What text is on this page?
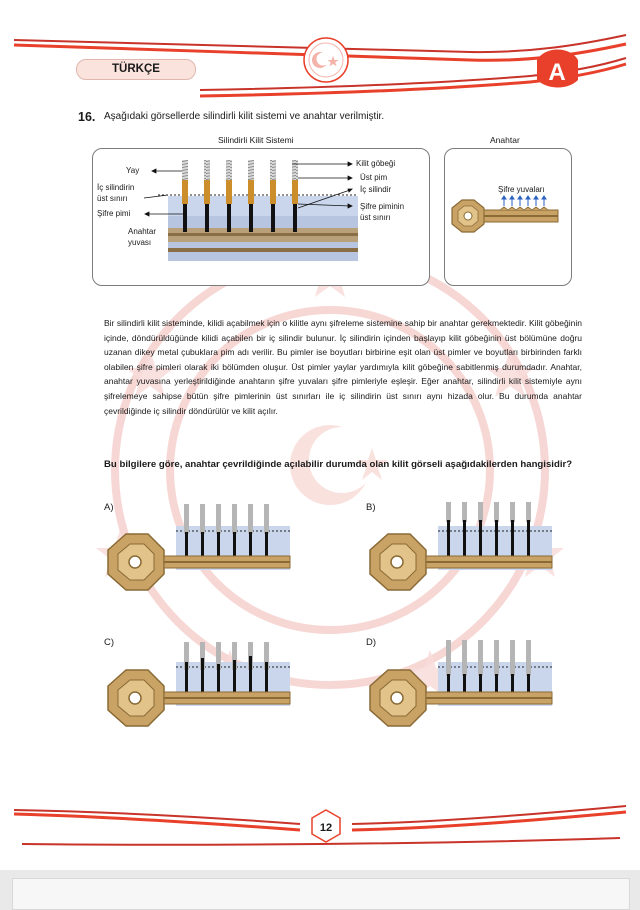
TÜRKÇE	A
16. Aşağıdaki görsellerde silindirli kilit sistemi ve anahtar verilmiştir.
Silindirli Kilit Sistemi	Anahtar
Yay
İç silindirin
üst sınırı
Şifre pimi
Anahtar
yuvası
Kilit göbeği
Üst pim
İç silindir
Şifre piminin
üst sınırı
Şifre yuvaları
Bir silindirli kilit sisteminde, kilidi açabilmek için o kilitle aynı şifreleme sistemine sahip bir anahtar gerekmektedir. Kilit göbeğinin içinde, döndürüldüğünde kilidi açabilen bir iç silindir bulunur. İç silindirin içinden başlayıp kilit göbeğinin üst bölümüne doğru uzanan dikey metal çubuklara pim adı verilir. Bu pimler ise boyutları birbirine eşit olan üst pimler ve boyutları birbirinden farklı olabilen şifre pimleri olarak iki bölümden oluşur. Üst pimler yaylar yardımıyla kilit göbeğine sabitlenmiş durumdadır. Anahtar, anahtar yuvasına yerleştirildiğinde anahtarın şifre yuvaları şifre pimleriyle eşleşir. Eğer anahtar, silindirli kilit sistemiyle aynı şifrelemeye sahipse bütün şifre pimlerinin üst sınırları ile iç silindirin üst sınırı aynı hizada olur. Bu durumda anahtar çevrildiğinde iç silindir döndürülür ve kilit açılır.
Bu bilgilere göre, anahtar çevrildiğinde açılabilir durumda olan kilit görseli aşağıdakilerden hangisidir?
A)	B)
C)	D)
12
